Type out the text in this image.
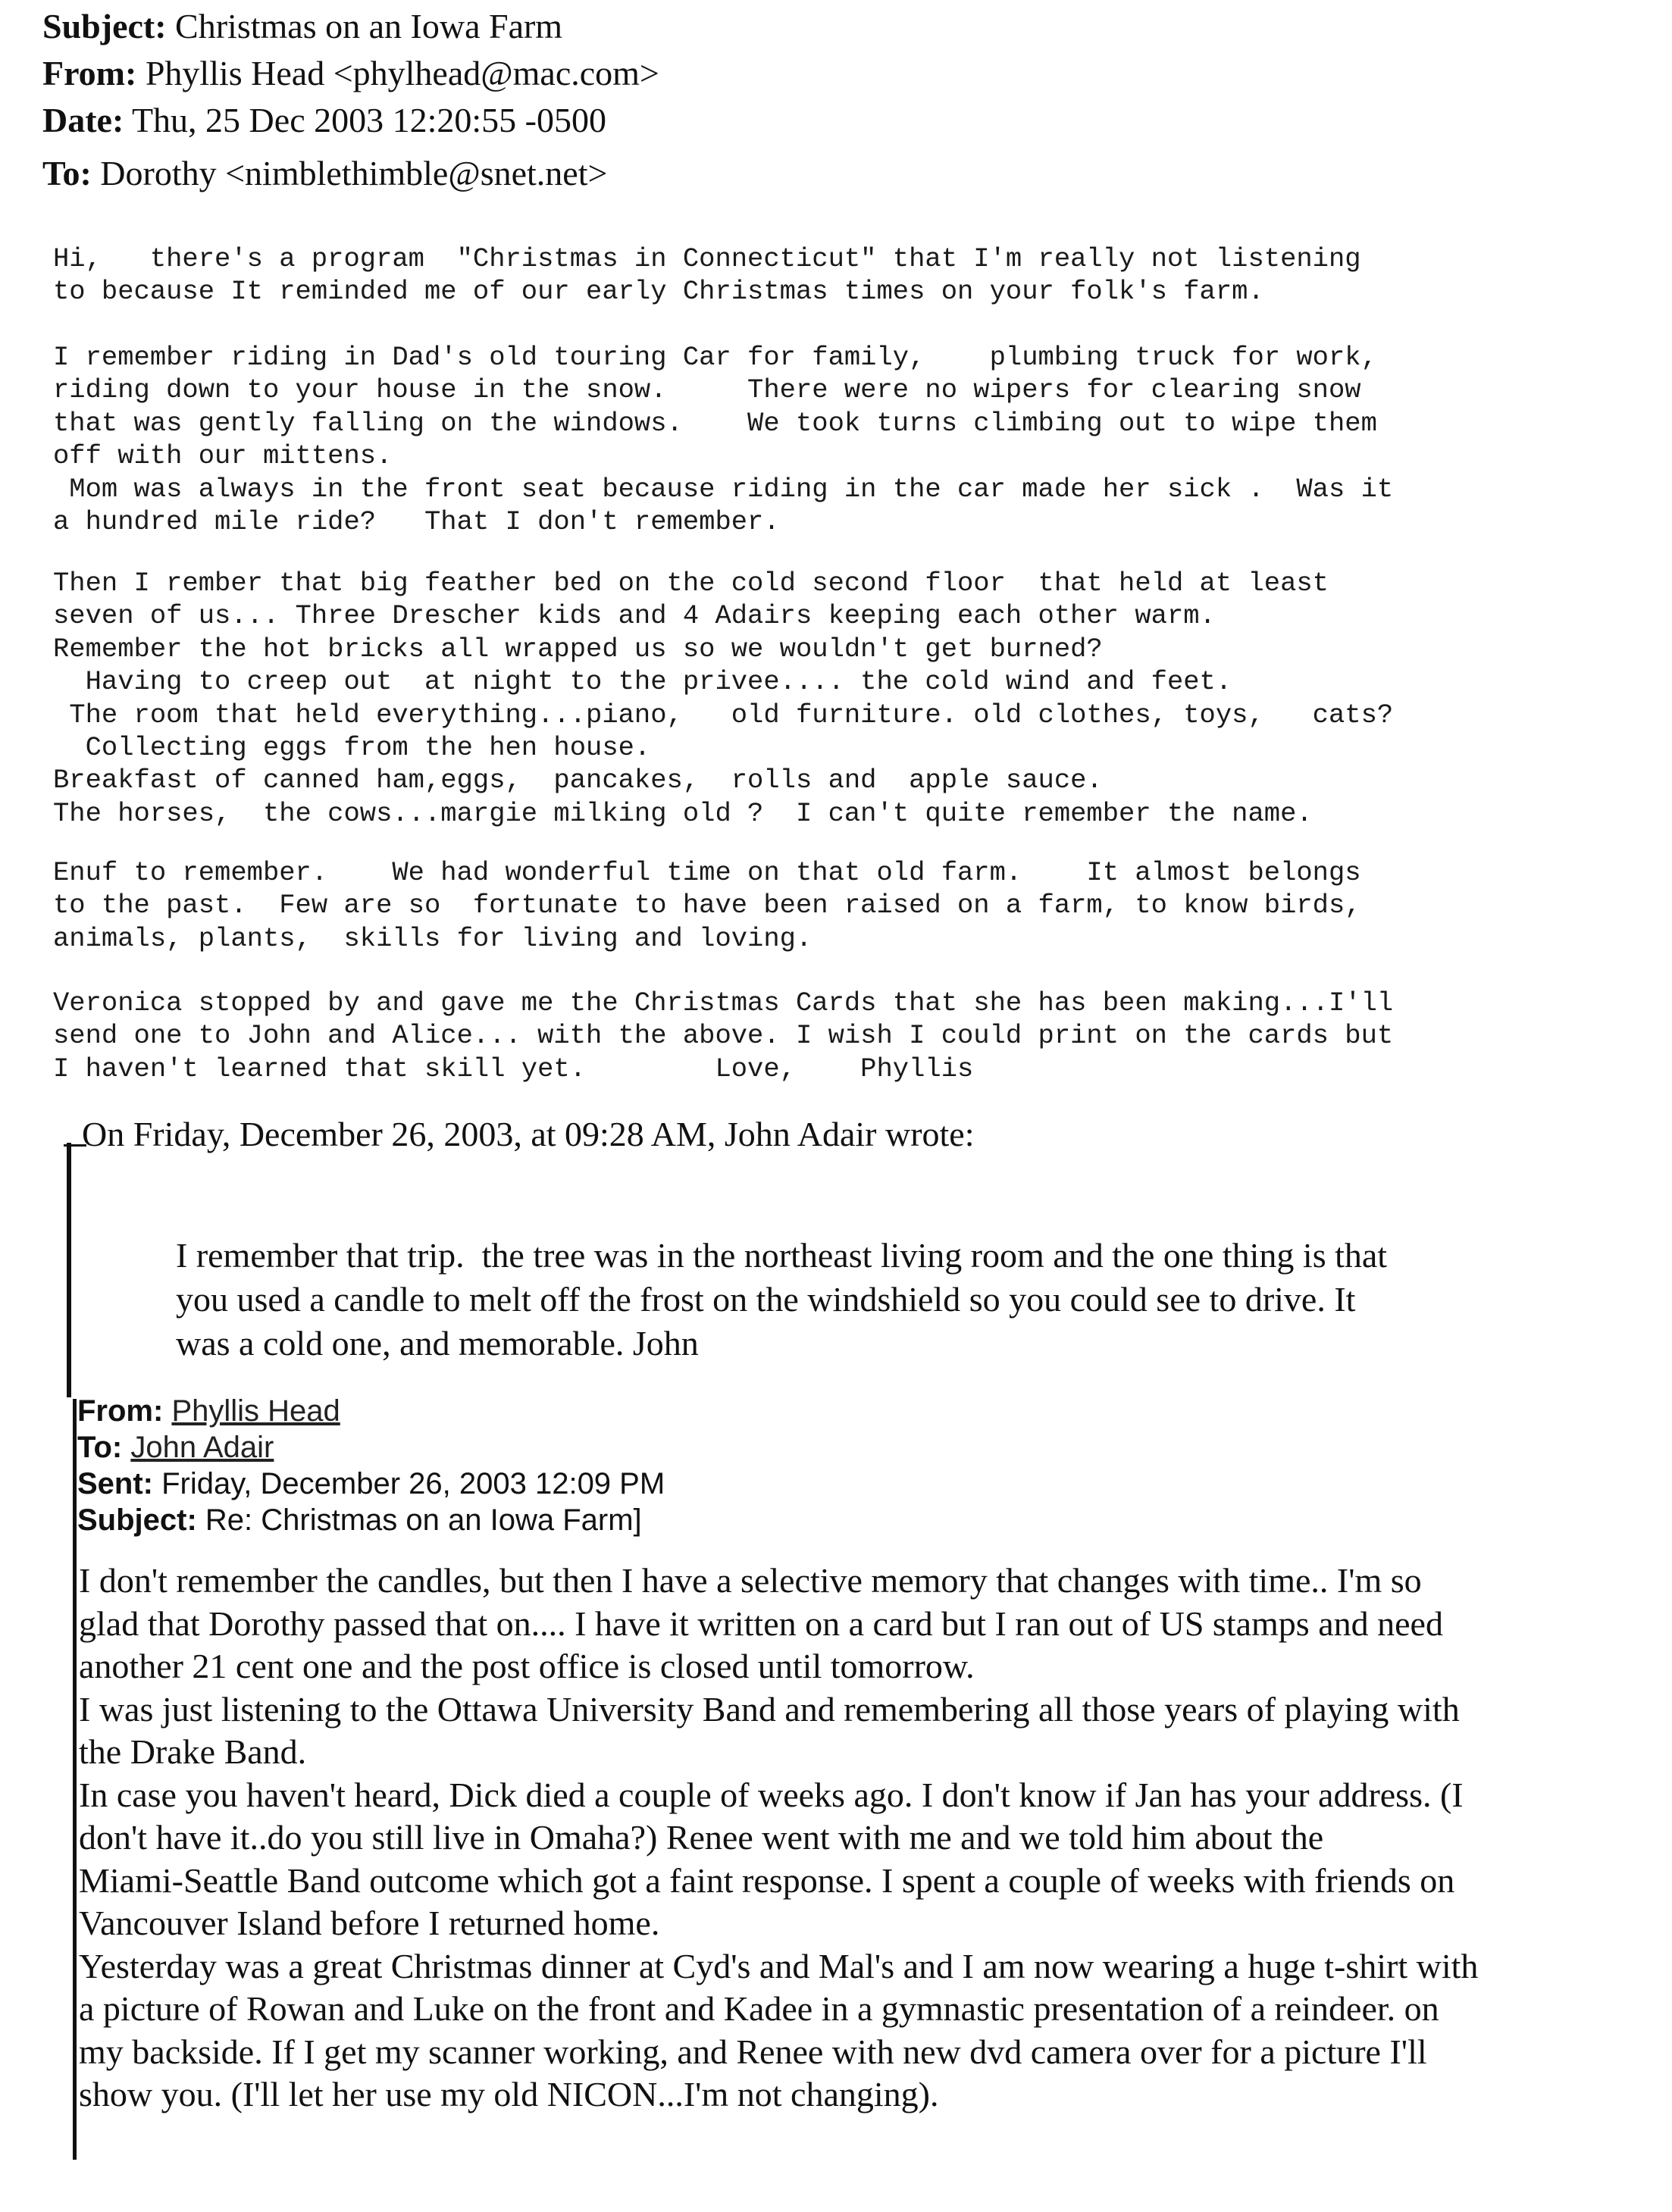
Subject: Christmas on an Iowa Farm
From: Phyllis Head <phylhead@mac.com>
Date: Thu, 25 Dec 2003 12:20:55 -0500
To: Dorothy <nimblethimble@snet.net>
Hi,   there's a program  "Christmas in Connecticut" that I'm really not listening
to because It reminded me of our early Christmas times on your folk's farm.
I remember riding in Dad's old touring Car for family,    plumbing truck for work,
riding down to your house in the snow.     There were no wipers for clearing snow
that was gently falling on the windows.    We took turns climbing out to wipe them
off with our mittens.
Mom was always in the front seat because riding in the car made her sick .  Was it
a hundred mile ride?   That I don't remember.
Then I rember that big feather bed on the cold second floor  that held at least
seven of us... Three Drescher kids and 4 Adairs keeping each other warm.
Remember the hot bricks all wrapped us so we wouldn't get burned?
Having to creep out  at night to the privee.... the cold wind and feet.
The room that held everything...piano,   old furniture. old clothes, toys,   cats?
Collecting eggs from the hen house.
Breakfast of canned ham,eggs,  pancakes,  rolls and  apple sauce.
The horses,  the cows...margie milking old ?  I can't quite remember the name.
Enuf to remember.    We had wonderful time on that old farm.    It almost belongs
to the past.  Few are so  fortunate to have been raised on a farm, to know birds,
animals, plants,  skills for living and loving.
Veronica stopped by and gave me the Christmas Cards that she has been making...I'll
send one to John and Alice... with the above. I wish I could print on the cards but
I haven't learned that skill yet.        Love,    Phyllis
On Friday, December 26, 2003, at 09:28 AM, John Adair wrote:
I remember that trip.  the tree was in the northeast living room and the one thing is that
you used a candle to melt off the frost on the windshield so you could see to drive. It
was a cold one, and memorable. John
From: Phyllis Head
To: John Adair
Sent: Friday, December 26, 2003 12:09 PM
Subject: Re: Christmas on an Iowa Farm]
I don't remember the candles, but then I have a selective memory that changes with time.. I'm so
glad that Dorothy passed that on.... I have it written on a card but I ran out of US stamps and need
another 21 cent one and the post office is closed until tomorrow.
I was just listening to the Ottawa University Band and remembering all those years of playing with
the Drake Band.
In case you haven't heard, Dick died a couple of weeks ago. I don't know if Jan has your address. (I
don't have it..do you still live in Omaha?) Renee went with me and we told him about the
Miami-Seattle Band outcome which got a faint response. I spent a couple of weeks with friends on
Vancouver Island before I returned home.
Yesterday was a great Christmas dinner at Cyd's and Mal's and I am now wearing a huge t-shirt with
a picture of Rowan and Luke on the front and Kadee in a gymnastic presentation of a reindeer. on
my backside. If I get my scanner working, and Renee with new dvd camera over for a picture I'll
show you. (I'll let her use my old NICON...I'm not changing).
